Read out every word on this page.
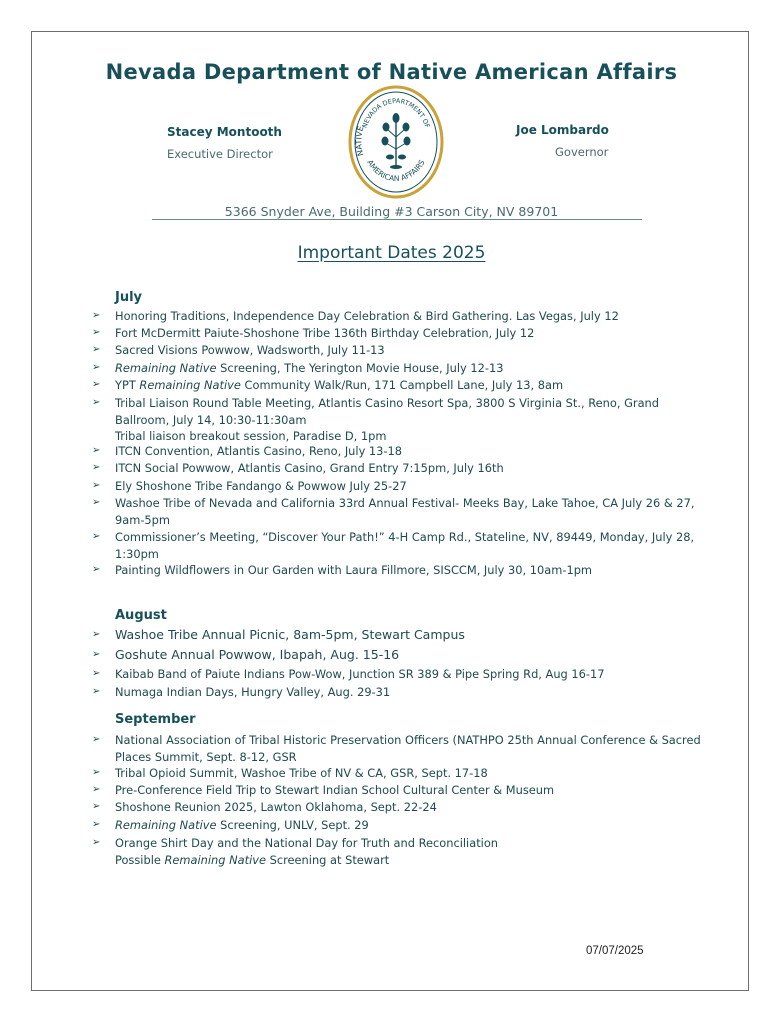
Nevada Department of Native American Affairs
Stacey Montooth
Executive Director
Joe Lombardo
Governor
NEVADA DEPARTMENT OF
NATIVE
AMERICAN AFFAIRS
5366 Snyder Ave, Building #3 Carson City, NV 89701
Important Dates 2025
July
➢ Honoring Traditions, Independence Day Celebration & Bird Gathering. Las Vegas, July 12
➢ Fort McDermitt Paiute-Shoshone Tribe 136th Birthday Celebration, July 12
➢ Sacred Visions Powwow, Wadsworth, July 11-13
➢ Remaining Native Screening, The Yerington Movie House, July 12-13
➢ YPT Remaining Native Community Walk/Run, 171 Campbell Lane, July 13, 8am
➢ Tribal Liaison Round Table Meeting, Atlantis Casino Resort Spa, 3800 S Virginia St., Reno, Grand Ballroom, July 14, 10:30-11:30am
Tribal liaison breakout session, Paradise D, 1pm
➢ ITCN Convention, Atlantis Casino, Reno, July 13-18
➢ ITCN Social Powwow, Atlantis Casino, Grand Entry 7:15pm, July 16th
➢ Ely Shoshone Tribe Fandango & Powwow July 25-27
➢ Washoe Tribe of Nevada and California 33rd Annual Festival- Meeks Bay, Lake Tahoe, CA July 26 & 27, 9am-5pm
➢ Commissioner’s Meeting, “Discover Your Path!” 4-H Camp Rd., Stateline, NV, 89449, Monday, July 28, 1:30pm
➢ Painting Wildflowers in Our Garden with Laura Fillmore, SISCCM, July 30, 10am-1pm
August
➢ Washoe Tribe Annual Picnic, 8am-5pm, Stewart Campus
➢ Goshute Annual Powwow, Ibapah, Aug. 15-16
➢ Kaibab Band of Paiute Indians Pow-Wow, Junction SR 389 & Pipe Spring Rd, Aug 16-17
➢ Numaga Indian Days, Hungry Valley, Aug. 29-31
September
➢ National Association of Tribal Historic Preservation Officers (NATHPO 25th Annual Conference & Sacred Places Summit, Sept. 8-12, GSR
➢ Tribal Opioid Summit, Washoe Tribe of NV & CA, GSR, Sept. 17-18
➢ Pre-Conference Field Trip to Stewart Indian School Cultural Center & Museum
➢ Shoshone Reunion 2025, Lawton Oklahoma, Sept. 22-24
➢ Remaining Native Screening, UNLV, Sept. 29
➢ Orange Shirt Day and the National Day for Truth and Reconciliation
Possible Remaining Native Screening at Stewart
07/07/2025
